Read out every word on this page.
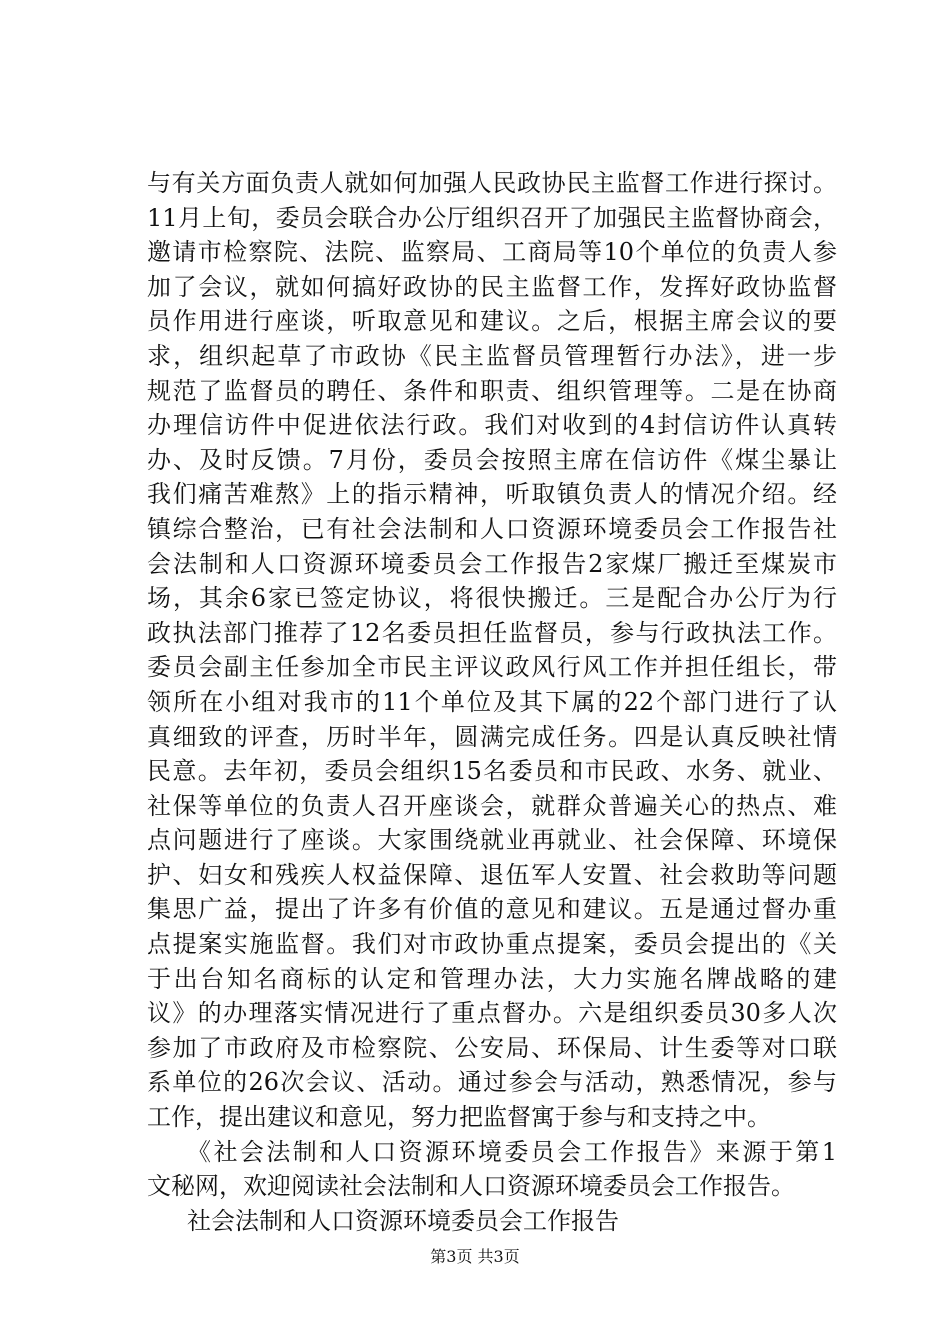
与有关方面负责人就如何加强人民政协民主监督工作进行探讨。
11月上旬，委员会联合办公厅组织召开了加强民主监督协商会，
邀请市检察院、法院、监察局、工商局等10个单位的负责人参
加了会议，就如何搞好政协的民主监督工作，发挥好政协监督
员作用进行座谈，听取意见和建议。之后，根据主席会议的要
求，组织起草了市政协《民主监督员管理暂行办法》，进一步
规范了监督员的聘任、条件和职责、组织管理等。二是在协商
办理信访件中促进依法行政。我们对收到的4封信访件认真转
办、及时反馈。7月份，委员会按照主席在信访件《煤尘暴让
我们痛苦难熬》上的指示精神，听取镇负责人的情况介绍。经
镇综合整治，已有社会法制和人口资源环境委员会工作报告社
会法制和人口资源环境委员会工作报告2家煤厂搬迁至煤炭市
场，其余6家已签定协议，将很快搬迁。三是配合办公厅为行
政执法部门推荐了12名委员担任监督员，参与行政执法工作。
委员会副主任参加全市民主评议政风行风工作并担任组长，带
领所在小组对我市的11个单位及其下属的22个部门进行了认
真细致的评查，历时半年，圆满完成任务。四是认真反映社情
民意。去年初，委员会组织15名委员和市民政、水务、就业、
社保等单位的负责人召开座谈会，就群众普遍关心的热点、难
点问题进行了座谈。大家围绕就业再就业、社会保障、环境保
护、妇女和残疾人权益保障、退伍军人安置、社会救助等问题
集思广益，提出了许多有价值的意见和建议。五是通过督办重
点提案实施监督。我们对市政协重点提案，委员会提出的《关
于出台知名商标的认定和管理办法，大力实施名牌战略的建
议》的办理落实情况进行了重点督办。六是组织委员30多人次
参加了市政府及市检察院、公安局、环保局、计生委等对口联
系单位的26次会议、活动。通过参会与活动，熟悉情况，参与
工作，提出建议和意见，努力把监督寓于参与和支持之中。
《社会法制和人口资源环境委员会工作报告》来源于第1
文秘网，欢迎阅读社会法制和人口资源环境委员会工作报告。
社会法制和人口资源环境委员会工作报告
第3页 共3页
